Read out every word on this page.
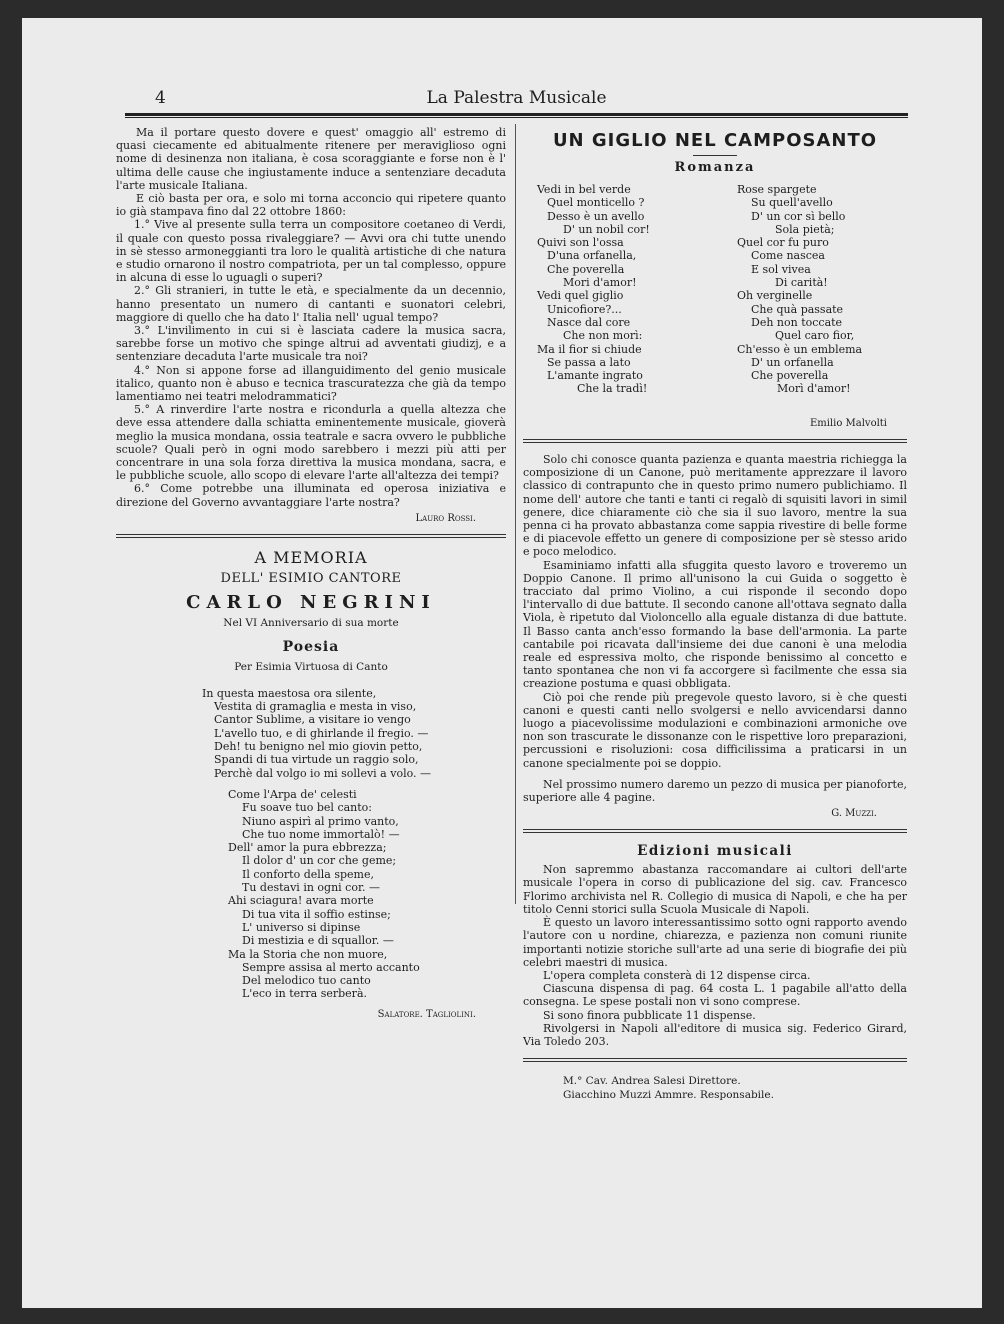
4	La Palestra Musicale

Ma il portare questo dovere e quest' omaggio all' estremo di quasi ciecamente ed abitualmente ritenere per meraviglioso ogni nome di desinenza non italiana, è cosa scoraggiante e forse non è l' ultima delle cause che ingiustamente induce a sentenziare decaduta l'arte musicale Italiana.

E ciò basta per ora, e solo mi torna acconcio qui ripetere quanto io già stampava fino dal 22 ottobre 1860:

1.° Vive al presente sulla terra un compositore coetaneo di Verdi, il quale con questo possa rivaleggiare? — Avvi ora chi tutte unendo in sè stesso armoneggianti tra loro le qualità artistiche di che natura e studio ornarono il nostro compatriota, per un tal complesso, oppure in alcuna di esse lo uguagli o superi?

2.° Gli stranieri, in tutte le età, e specialmente da un decennio, hanno presentato un numero di cantanti e suonatori celebri, maggiore di quello che ha dato l' Italia nell' ugual tempo?

3.° L'invilimento in cui si è lasciata cadere la musica sacra, sarebbe forse un motivo che spinge altrui ad avventati giudizj, e a sentenziare decaduta l'arte musicale tra noi?

4.° Non si appone forse ad illanguidimento del genio musicale italico, quanto non è abuso e tecnica trascuratezza che già da tempo lamentiamo nei teatri melodrammatici?

5.° A rinverdire l'arte nostra e ricondurla a quella altezza che deve essa attendere dalla schiatta eminentemente musicale, gioverà meglio la musica mondana, ossia teatrale e sacra ovvero le pubbliche scuole? Quali però in ogni modo sarebbero i mezzi più atti per concentrare in una sola forza direttiva la musica mondana, sacra, e le pubbliche scuole, allo scopo di elevare l'arte all'altezza dei tempi?

6.° Come potrebbe una illuminata ed operosa iniziativa e direzione del Governo avvantaggiare l'arte nostra?

Lauro Rossi.
A MEMORIA
DELL' ESIMIO CANTORE
CARLO NEGRINI
Nel VI Anniversario di sua morte
Poesia
Per Esimia Virtuosa di Canto
In questa maestosa ora silente,
Vestita di gramaglia e mesta in viso,
Cantor Sublime, a visitare io vengo
L'avello tuo, e di ghirlande il fregio. —
Deh! tu benigno nel mio giovin petto,
Spandi di tua virtude un raggio solo,
Perchè dal volgo io mi sollevi a volo. —
Come l'Arpa de' celesti
Fu soave tuo bel canto:
Niuno aspirì al primo vanto,
Che tuo nome immortalò! —
Dell' amor la pura ebbrezza;
Il dolor d' un cor che geme;
Il conforto della speme,
Tu destavi in ogni cor. —
Ahi sciagura! avara morte
Di tua vita il soffio estinse;
L' universo si dipinse
Di mestizia e di squallor. —
Ma la Storia che non muore,
Sempre assisa al merto accanto
Del melodico tuo canto
L'eco in terra serberà.
Salatore. Tagliolini.
UN GIGLIO NEL CAMPOSANTO
Romanza
Vedi in bel verde
Quel monticello ?
Desso è un avello
D' un nobil cor!
Quivi son l'ossa
D'una orfanella,
Che poverella
Mori d'amor!
Vedi quel giglio
Unicofiore?...
Nasce dal core
Che non morì:
Ma il fior si chiude
Se passa a lato
L'amante ingrato
Che la tradì!
Rose spargete
Su quell'avello
D' un cor sì bello
Sola pietà;
Quel cor fu puro
Come nascea
E sol vivea
Di carità!
Oh verginelle
Che quà passate
Deh non toccate
Quel caro fior,
Ch'esso è un emblema
D' un orfanella
Che poverella
Morì d'amor!
Emilio Malvolti

Solo chi conosce quanta pazienza e quanta maestria richiegga la composizione di un Canone, può meritamente apprezzare il lavoro classico di contrapunto che in questo primo numero publichiamo. Il nome dell' autore che tanti e tanti ci regalò di squisiti lavori in simil genere, dice chiaramente ciò che sia il suo lavoro, mentre la sua penna ci ha provato abbastanza come sappia rivestire di belle forme e di piacevole effetto un genere di composizione per sè stesso arido e poco melodico.

Esaminiamo infatti alla sfuggita questo lavoro e troveremo un Doppio Canone. Il primo all'unisono la cui Guida o soggetto è tracciato dal primo Violino, a cui risponde il secondo dopo l'intervallo di due battute. Il secondo canone all'ottava segnato dalla Viola, è ripetuto dal Violoncello alla eguale distanza di due battute. Il Basso canta anch'esso formando la base dell'armonia. La parte cantabile poi ricavata dall'insieme dei due canoni è una melodia reale ed espressiva molto, che risponde benissimo al concetto e tanto spontanea che non vi fa accorgere sì facilmente che essa sia creazione postuma e quasi obbligata.

Ciò poi che rende più pregevole questo lavoro, si è che questi canoni e questi canti nello svolgersi e nello avvicendarsi danno luogo a piacevolissime modulazioni e combinazioni armoniche ove non son trascurate le dissonanze con le rispettive loro preparazioni, percussioni e risoluzioni: cosa difficilissima a praticarsi in un canone specialmente poi se doppio.

Nel prossimo numero daremo un pezzo di musica per pianoforte, superiore alle 4 pagine.

G. Muzzi.
Edizioni musicali

Non sapremmo abastanza raccomandare ai cultori dell'arte musicale l'opera in corso di publicazione del sig. cav. Francesco Florimo archivista nel R. Collegio di musica di Napoli, e che ha per titolo Cenni storici sulla Scuola Musicale di Napoli.

È questo un lavoro interessantissimo sotto ogni rapporto avendo l'autore con u nordine, chiarezza, e pazienza non comuni riunite importanti notizie storiche sull'arte ad una serie di biografie dei più celebri maestri di musica.

L'opera completa consterà di 12 dispense circa.

Ciascuna dispensa di pag. 64 costa L. 1 pagabile all'atto della consegna. Le spese postali non vi sono comprese.

Si sono finora pubblicate 11 dispense.

Rivolgersi in Napoli all'editore di musica sig. Federico Girard, Via Toledo 203.

M.° Cav. Andrea Salesi Direttore.
Giacchino Muzzi Ammre. Responsabile.
